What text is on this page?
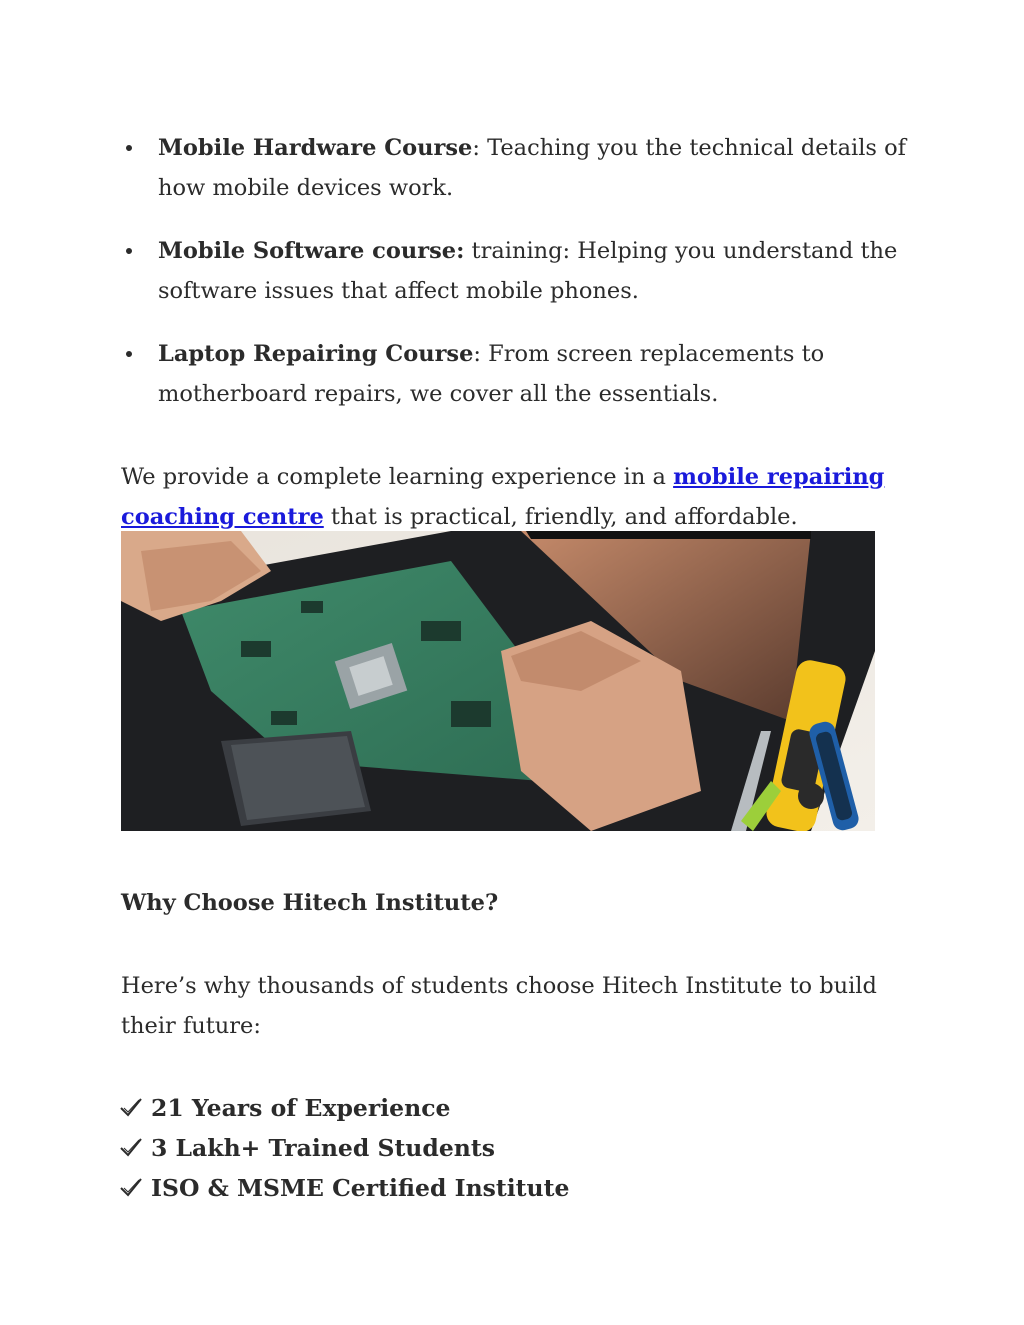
Mobile Hardware Course: Teaching you the technical details of how mobile devices work.
Mobile Software course: training: Helping you understand the software issues that affect mobile phones.
Laptop Repairing Course: From screen replacements to motherboard repairs, we cover all the essentials.

We provide a complete learning experience in a mobile repairing coaching centre that is practical, friendly, and affordable.

Why Choose Hitech Institute?

Here’s why thousands of students choose Hitech Institute to build their future:

21 Years of Experience
3 Lakh+ Trained Students
ISO & MSME Certified Institute
